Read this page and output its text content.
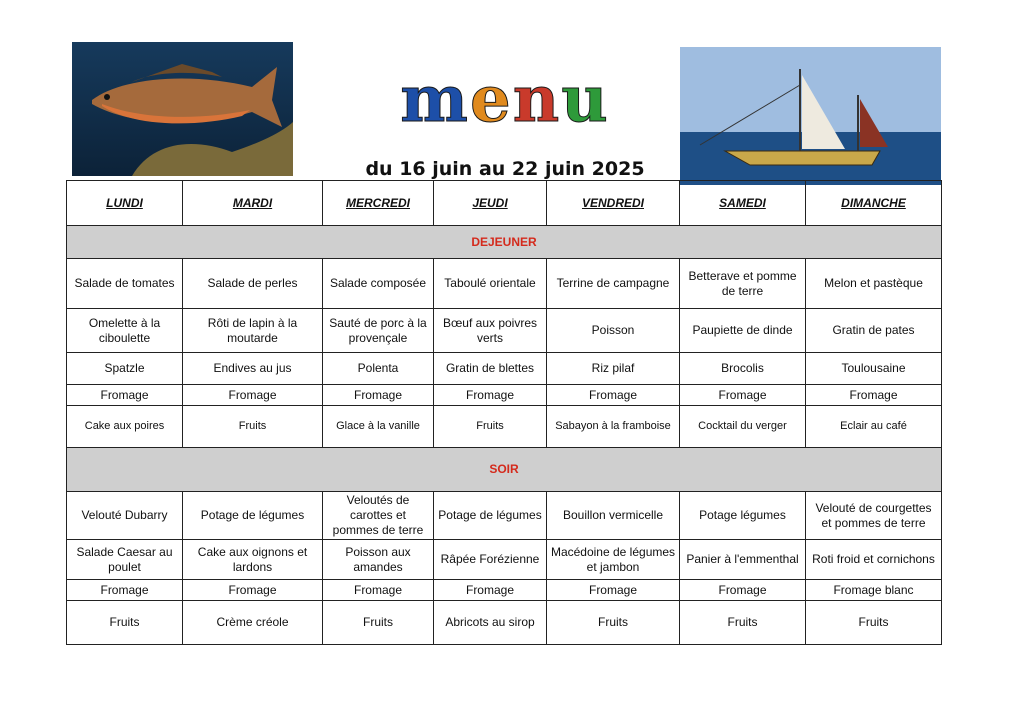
menu
du 16 juin au 22 juin 2025
LUNDI	MARDI	MERCREDI	JEUDI	VENDREDI	SAMEDI	DIMANCHE
DEJEUNER						
Salade de tomates	Salade de perles	Salade composée	Taboulé orientale	Terrine de campagne	Betterave et pomme de terre	Melon et pastèque
Omelette à la ciboulette	Rôti de lapin à la moutarde	Sauté de porc à la provençale	Bœuf aux poivres verts	Poisson	Paupiette de dinde	Gratin de pates
Spatzle	Endives au jus	Polenta	Gratin de blettes	Riz pilaf	Brocolis	Toulousaine
Fromage	Fromage	Fromage	Fromage	Fromage	Fromage	Fromage
Cake aux poires	Fruits	Glace à la vanille	Fruits	Sabayon à la framboise	Cocktail du verger	Eclair au café
SOIR						
Velouté Dubarry	Potage de légumes	Veloutés de carottes et pommes de terre	Potage de légumes	Bouillon vermicelle	Potage légumes	Velouté de courgettes et pommes de terre
Salade Caesar au poulet	Cake aux oignons et lardons	Poisson aux amandes	Râpée Forézienne	Macédoine de légumes et jambon	Panier à l'emmenthal	Roti froid et cornichons
Fromage	Fromage	Fromage	Fromage	Fromage	Fromage	Fromage blanc
Fruits	Crème créole	Fruits	Abricots au sirop	Fruits	Fruits	Fruits
